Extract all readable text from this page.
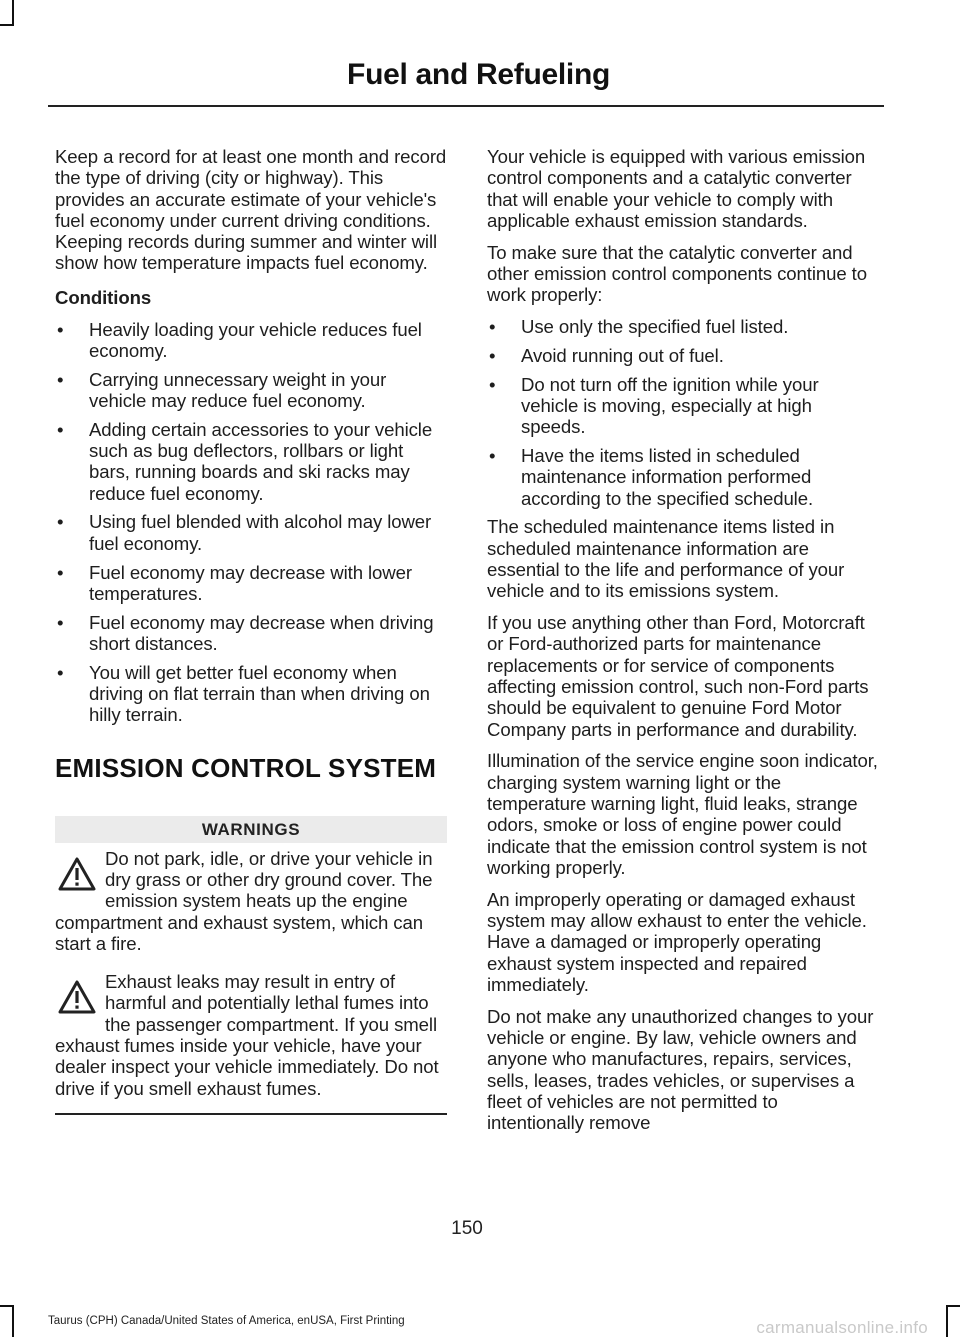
Fuel and Refueling

Keep a record for at least one month and record the type of driving (city or highway). This provides an accurate estimate of your vehicle's fuel economy under current driving conditions. Keeping records during summer and winter will show how temperature impacts fuel economy.

Conditions
• Heavily loading your vehicle reduces fuel economy.
• Carrying unnecessary weight in your vehicle may reduce fuel economy.
• Adding certain accessories to your vehicle such as bug deflectors, rollbars or light bars, running boards and ski racks may reduce fuel economy.
• Using fuel blended with alcohol may lower fuel economy.
• Fuel economy may decrease with lower temperatures.
• Fuel economy may decrease when driving short distances.
• You will get better fuel economy when driving on flat terrain than when driving on hilly terrain.
EMISSION CONTROL SYSTEM
WARNINGS
Do not park, idle, or drive your vehicle in dry grass or other dry ground cover. The emission system heats up the engine compartment and exhaust system, which can start a fire.
Exhaust leaks may result in entry of harmful and potentially lethal fumes into the passenger compartment. If you smell exhaust fumes inside your vehicle, have your dealer inspect your vehicle immediately. Do not drive if you smell exhaust fumes.

Your vehicle is equipped with various emission control components and a catalytic converter that will enable your vehicle to comply with applicable exhaust emission standards.

To make sure that the catalytic converter and other emission control components continue to work properly:

• Use only the specified fuel listed.
• Avoid running out of fuel.
• Do not turn off the ignition while your vehicle is moving, especially at high speeds.
• Have the items listed in scheduled maintenance information performed according to the specified schedule.

The scheduled maintenance items listed in scheduled maintenance information are essential to the life and performance of your vehicle and to its emissions system.

If you use anything other than Ford, Motorcraft or Ford-authorized parts for maintenance replacements or for service of components affecting emission control, such non-Ford parts should be equivalent to genuine Ford Motor Company parts in performance and durability.

Illumination of the service engine soon indicator, charging system warning light or the temperature warning light, fluid leaks, strange odors, smoke or loss of engine power could indicate that the emission control system is not working properly.

An improperly operating or damaged exhaust system may allow exhaust to enter the vehicle. Have a damaged or improperly operating exhaust system inspected and repaired immediately.

Do not make any unauthorized changes to your vehicle or engine. By law, vehicle owners and anyone who manufactures, repairs, services, sells, leases, trades vehicles, or supervises a fleet of vehicles are not permitted to intentionally remove

150
Taurus (CPH) Canada/United States of America, enUSA, First Printing	carmanualsonline.info
